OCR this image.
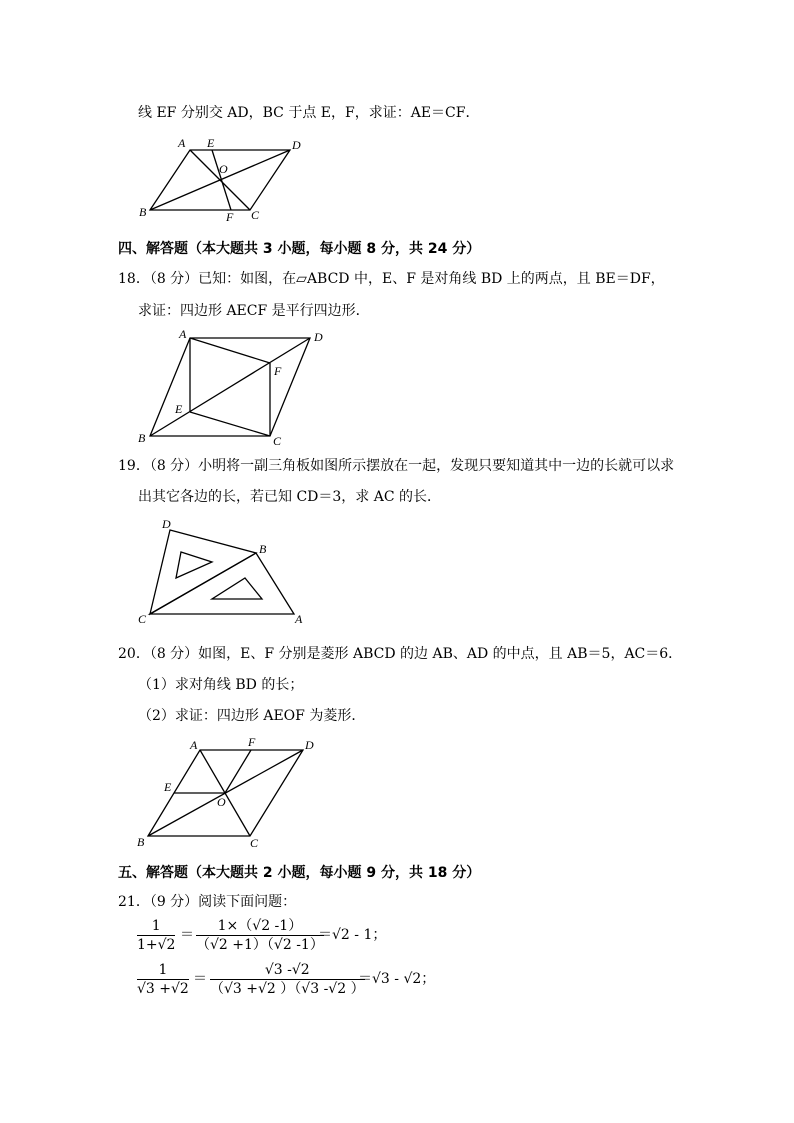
线 EF 分别交 AD，BC 于点 E，F，求证：AE＝CF．
A E	D
O
B	F C
四、解答题（本大题共 3 小题，每小题 8 分，共 24 分）
18．（8 分）已知：如图，在▱ABCD 中，E、F 是对角线 BD 上的两点，且 BE＝DF，
求证：四边形 AECF 是平行四边形．
A	D
F
E
B	C
19．（8 分）小明将一副三角板如图所示摆放在一起，发现只要知道其中一边的长就可以求
出其它各边的长，若已知 CD＝3，求 AC 的长．
D
B
C	A
20．（8 分）如图，E、F 分别是菱形 ABCD 的边 AB、AD 的中点，且 AB＝5，AC＝6．
（1）求对角线 BD 的长；
（2）求证：四边形 AEOF 为菱形．
A	F	D
E
O
B	C
五、解答题（本大题共 2 小题，每小题 9 分，共 18 分）
21．（9 分）阅读下面问题：
$\frac{1}{1+√2} = \frac{1\times(√2 -1)}{(√2 +1)(√2 -1)}$
＝√2 - 1；
$\frac{1}{√3 +√2} = \frac{√3 -√2}{(√3 +√2 )(√3 -√2 )}$
＝√3 - √2；
